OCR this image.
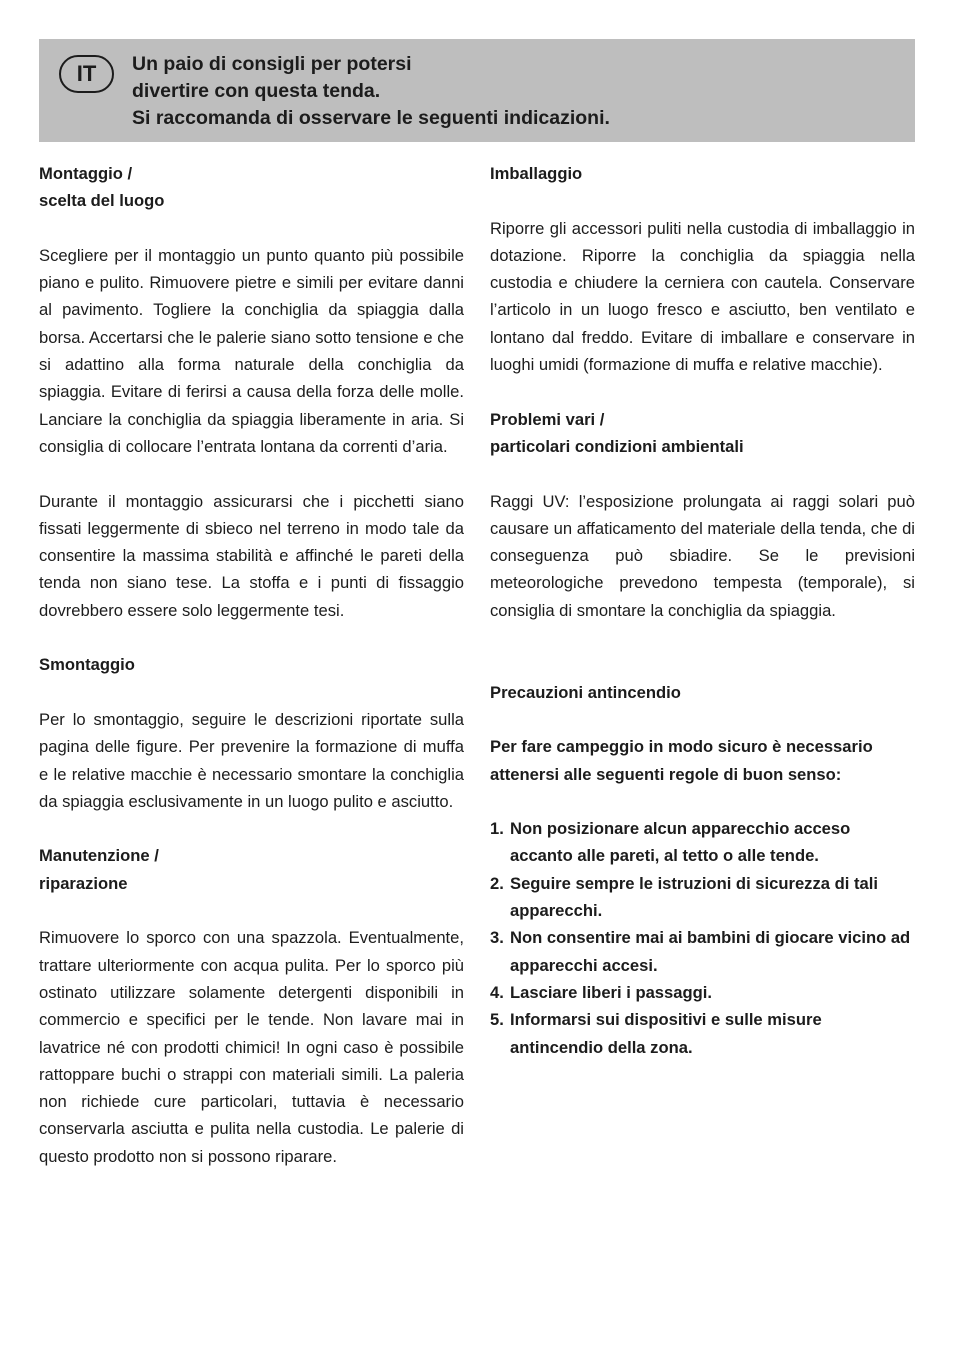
IT	Un paio di consigli per potersi
divertire con questa tenda.
Si raccomanda di osservare le seguenti indicazioni.

Montaggio /

scelta del luogo

Scegliere per il montaggio un punto quanto più possibile piano e pulito. Rimuovere pietre e simili per evitare danni al pavimento. Togliere la conchiglia da spiaggia dalla borsa. Accertarsi che le palerie siano sotto tensione e che si adattino alla forma naturale della conchiglia da spiaggia. Evitare di ferirsi a causa della forza delle molle. Lanciare la conchiglia da spiaggia liberamente in aria. Si consiglia di collocare l’entrata lontana da correnti d’aria.

Durante il montaggio assicurarsi che i picchetti siano fissati leggermente di sbieco nel terreno in modo tale da consentire la massima stabilità e affinché le pareti della tenda non siano tese. La stoffa e i punti di fissaggio dovrebbero essere solo leggermente tesi.

Smontaggio

Per lo smontaggio, seguire le descrizioni riportate sulla pagina delle figure. Per prevenire la formazione di muffa e le relative macchie è necessario smontare la conchiglia da spiaggia esclusivamente in un luogo pulito e asciutto.

Manutenzione /

riparazione

Rimuovere lo sporco con una spazzola. Eventualmente, trattare ulteriormente con acqua pulita. Per lo sporco più ostinato utilizzare solamente detergenti disponibili in commercio e specifici per le tende. Non lavare mai in lavatrice né con prodotti chimici! In ogni caso è possibile rattoppare buchi o strappi con materiali simili. La paleria non richiede cure particolari, tuttavia è necessario conservarla asciutta e pulita nella custodia. Le palerie di questo prodotto non si possono riparare.

Imballaggio

Riporre gli accessori puliti nella custodia di imballaggio in dotazione. Riporre la conchiglia da spiaggia nella custodia e chiudere la cerniera con cautela. Conservare l’articolo in un luogo fresco e asciutto, ben ventilato e lontano dal freddo. Evitare di imballare e conservare in luoghi umidi (formazione di muffa e relative macchie).

Problemi vari /

particolari condizioni ambientali

Raggi UV: l’esposizione prolungata ai raggi solari può causare un affaticamento del materiale della tenda, che di conseguenza può sbiadire. Se le previsioni meteorologiche prevedono tempesta (temporale), si consiglia di smontare la conchiglia da spiaggia.

Precauzioni antincendio

Per fare campeggio in modo sicuro è necessario attenersi alle seguenti regole di buon senso:

1. Non posizionare alcun apparecchio acceso accanto alle pareti, al tetto o alle tende.
2. Seguire sempre le istruzioni di sicurezza di tali apparecchi.
3. Non consentire mai ai bambini di giocare vicino ad apparecchi accesi.
4. Lasciare liberi i passaggi.
5. Informarsi sui dispositivi e sulle misure antincendio della zona.
